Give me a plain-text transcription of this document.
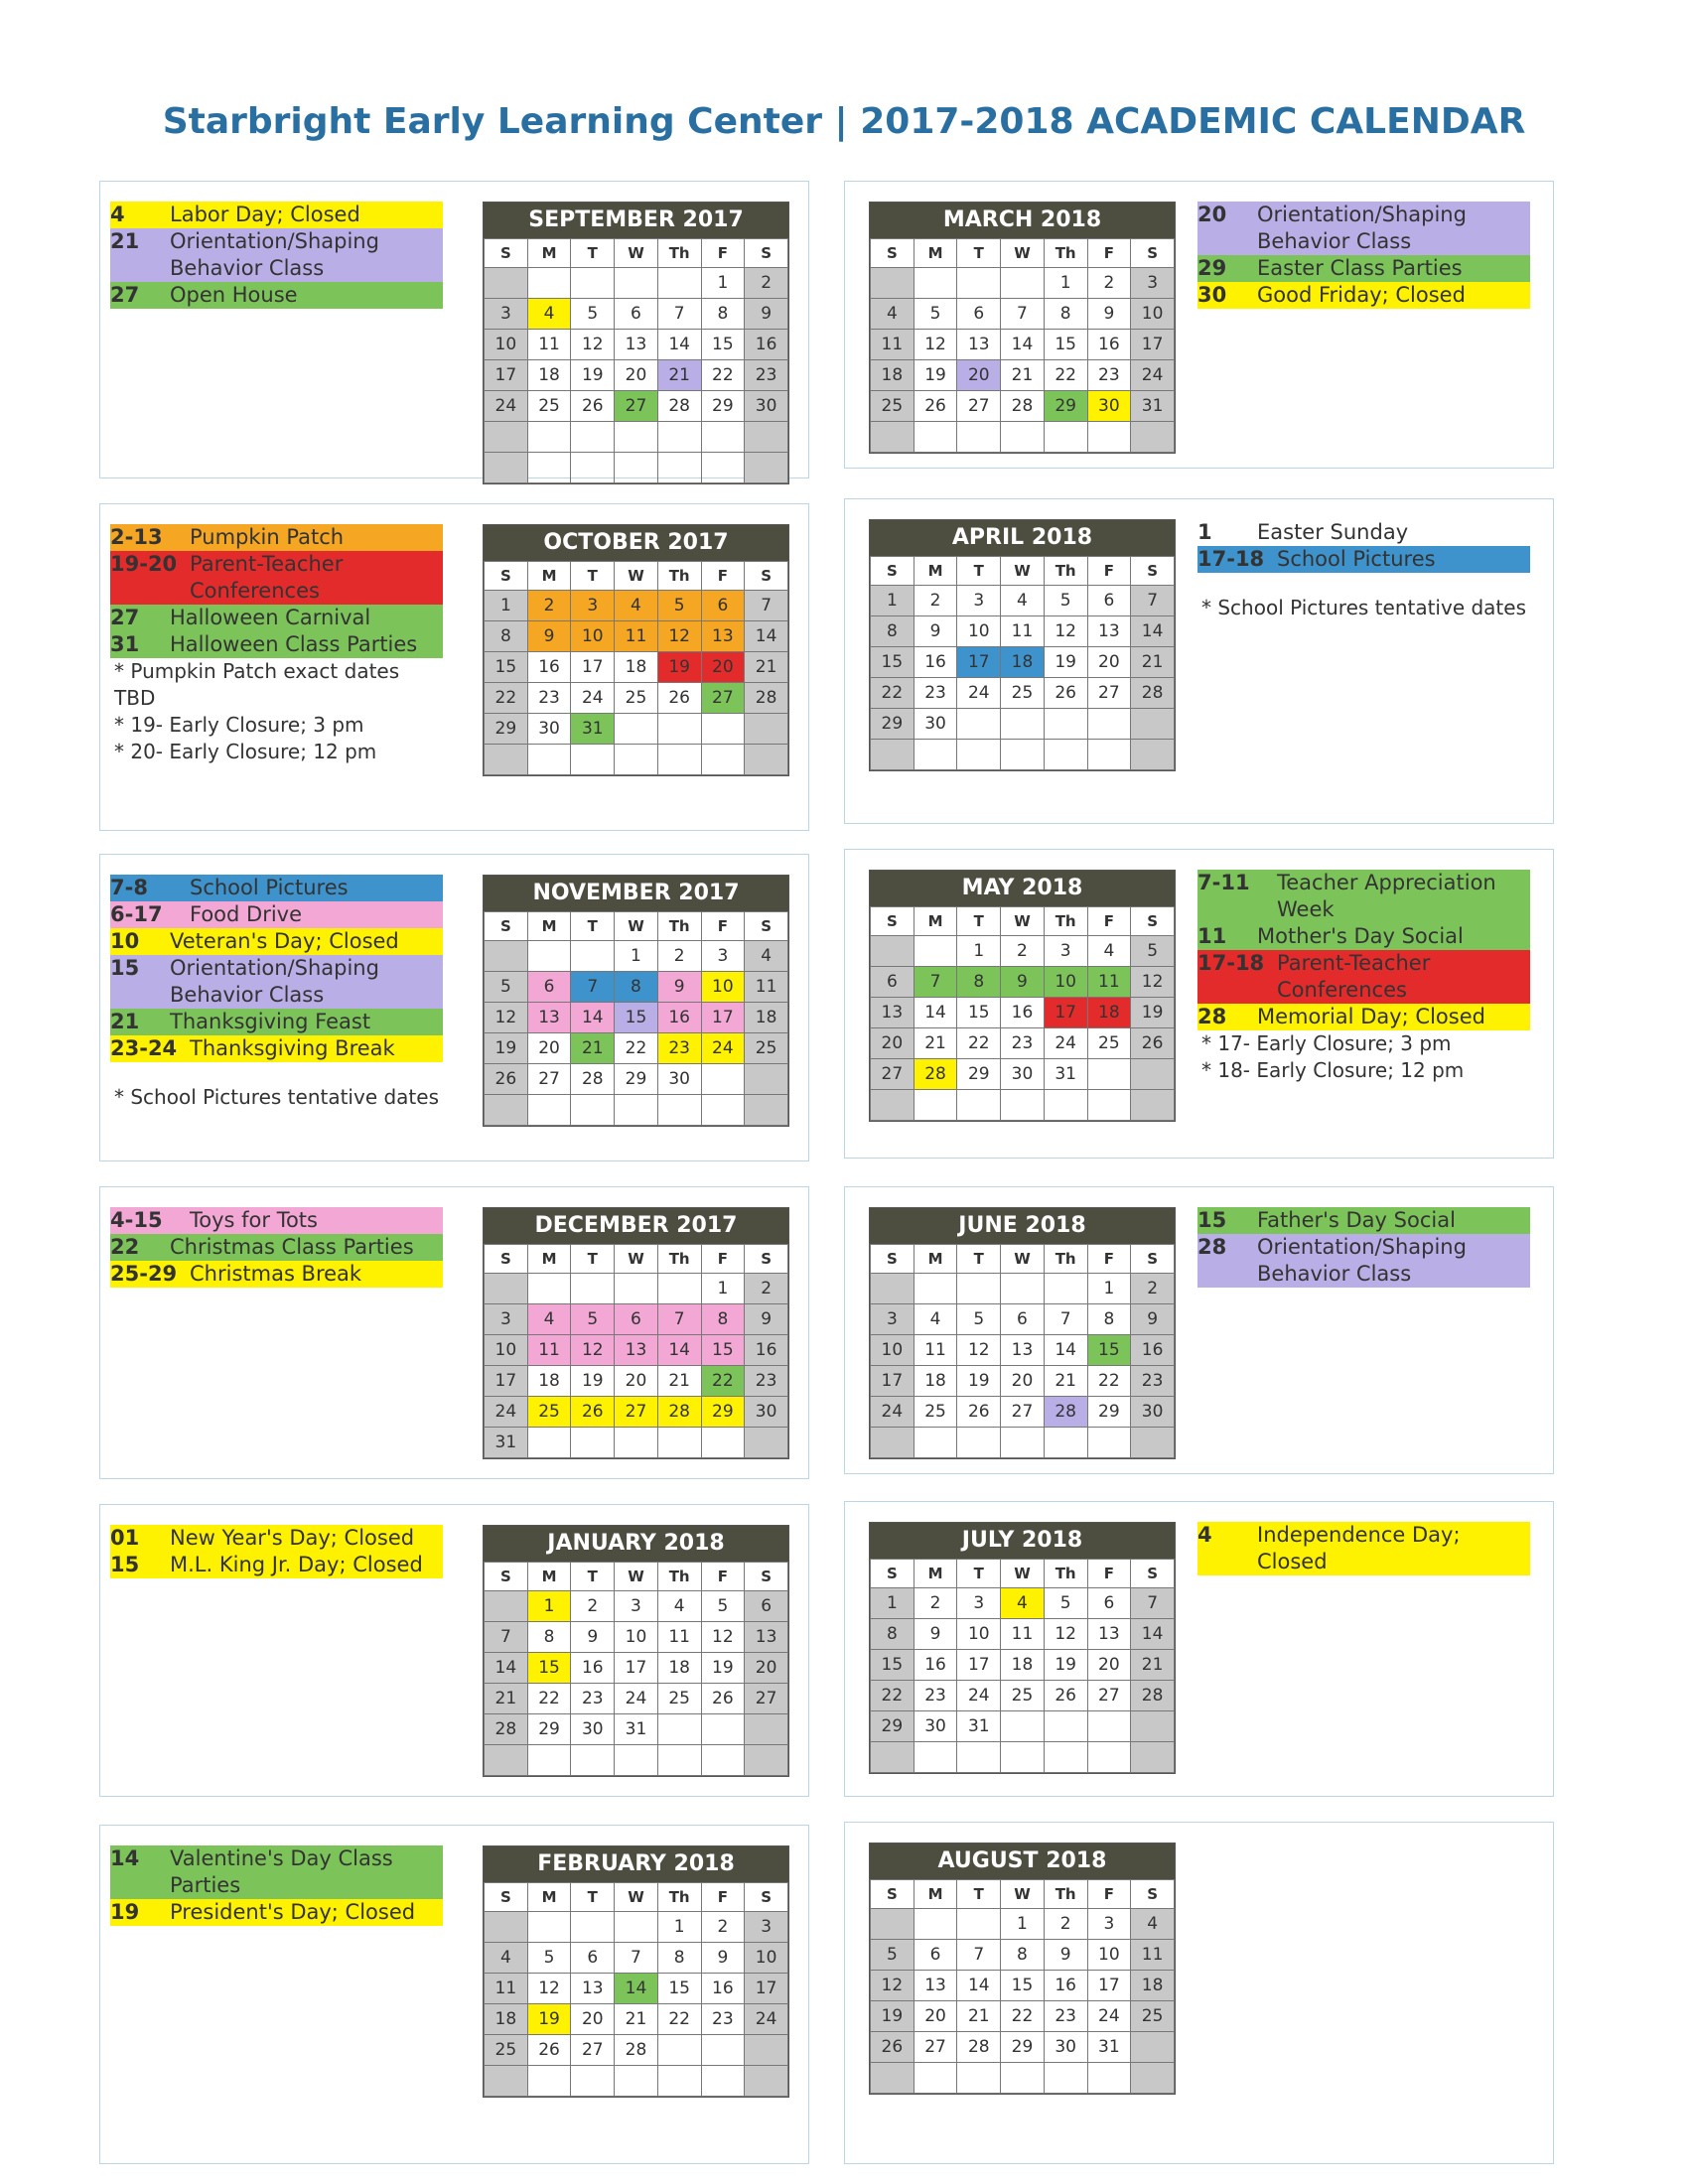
Starbright Early Learning Center | 2017-2018 ACADEMIC CALENDAR
4	Labor Day; Closed
21	Orientation/Shaping Behavior Class
27	Open House
SEPTEMBER 2017
S	M	T	W	Th	F	S
					1	2
3	4	5	6	7	8	9
10	11	12	13	14	15	16
17	18	19	20	21	22	23
24	25	26	27	28	29	30

20	Orientation/Shaping Behavior Class
29	Easter Class Parties
30	Good Friday; Closed
MARCH 2018
S	M	T	W	Th	F	S
				1	2	3
4	5	6	7	8	9	10
11	12	13	14	15	16	17
18	19	20	21	22	23	24
25	26	27	28	29	30	31

2-13	Pumpkin Patch
19-20 Parent-Teacher Conferences
27	Halloween Carnival
31	Halloween Class Parties
* Pumpkin Patch exact dates TBD
* 19- Early Closure; 3 pm
* 20- Early Closure; 12 pm
OCTOBER 2017
S	M	T	W	Th	F	S
1	2	3	4	5	6	7
8	9	10	11	12	13	14
15	16	17	18	19	20	21
22	23	24	25	26	27	28
29	30	31				

1	Easter Sunday
17-18 School Pictures
* School Pictures tentative dates
APRIL 2018
S	M	T	W	Th	F	S
1	2	3	4	5	6	7
8	9	10	11	12	13	14
15	16	17	18	19	20	21
22	23	24	25	26	27	28
29	30					

7-8	School Pictures
6-17	Food Drive
10	Veteran's Day; Closed
15	Orientation/Shaping Behavior Class
21	Thanksgiving Feast
23-24 Thanksgiving Break
* School Pictures tentative dates
NOVEMBER 2017
S	M	T	W	Th	F	S
			1	2	3	4
5	6	7	8	9	10	11
12	13	14	15	16	17	18
19	20	21	22	23	24	25
26	27	28	29	30		

7-11	Teacher Appreciation Week
11	Mother's Day Social
17-18 Parent-Teacher Conferences
28	Memorial Day; Closed
* 17- Early Closure; 3 pm
* 18- Early Closure; 12 pm
MAY 2018
S	M	T	W	Th	F	S
		1	2	3	4	5
6	7	8	9	10	11	12
13	14	15	16	17	18	19
20	21	22	23	24	25	26
27	28	29	30	31		

4-15	Toys for Tots
22	Christmas Class Parties
25-29 Christmas Break
DECEMBER 2017
S	M	T	W	Th	F	S
					1	2
3	4	5	6	7	8	9
10	11	12	13	14	15	16
17	18	19	20	21	22	23
24	25	26	27	28	29	30
31						
15	Father's Day Social
28	Orientation/Shaping Behavior Class
JUNE 2018
S	M	T	W	Th	F	S
					1	2
3	4	5	6	7	8	9
10	11	12	13	14	15	16
17	18	19	20	21	22	23
24	25	26	27	28	29	30

01	New Year's Day; Closed
15	M.L. King Jr. Day; Closed
JANUARY 2018
S	M	T	W	Th	F	S
	1	2	3	4	5	6
7	8	9	10	11	12	13
14	15	16	17	18	19	20
21	22	23	24	25	26	27
28	29	30	31			

4	Independence Day; Closed
JULY 2018
S	M	T	W	Th	F	S
1	2	3	4	5	6	7
8	9	10	11	12	13	14
15	16	17	18	19	20	21
22	23	24	25	26	27	28
29	30	31				

14	Valentine's Day Class Parties
19	President's Day; Closed
FEBRUARY 2018
S	M	T	W	Th	F	S
				1	2	3
4	5	6	7	8	9	10
11	12	13	14	15	16	17
18	19	20	21	22	23	24
25	26	27	28			

AUGUST 2018
S	M	T	W	Th	F	S
			1	2	3	4
5	6	7	8	9	10	11
12	13	14	15	16	17	18
19	20	21	22	23	24	25
26	27	28	29	30	31	
